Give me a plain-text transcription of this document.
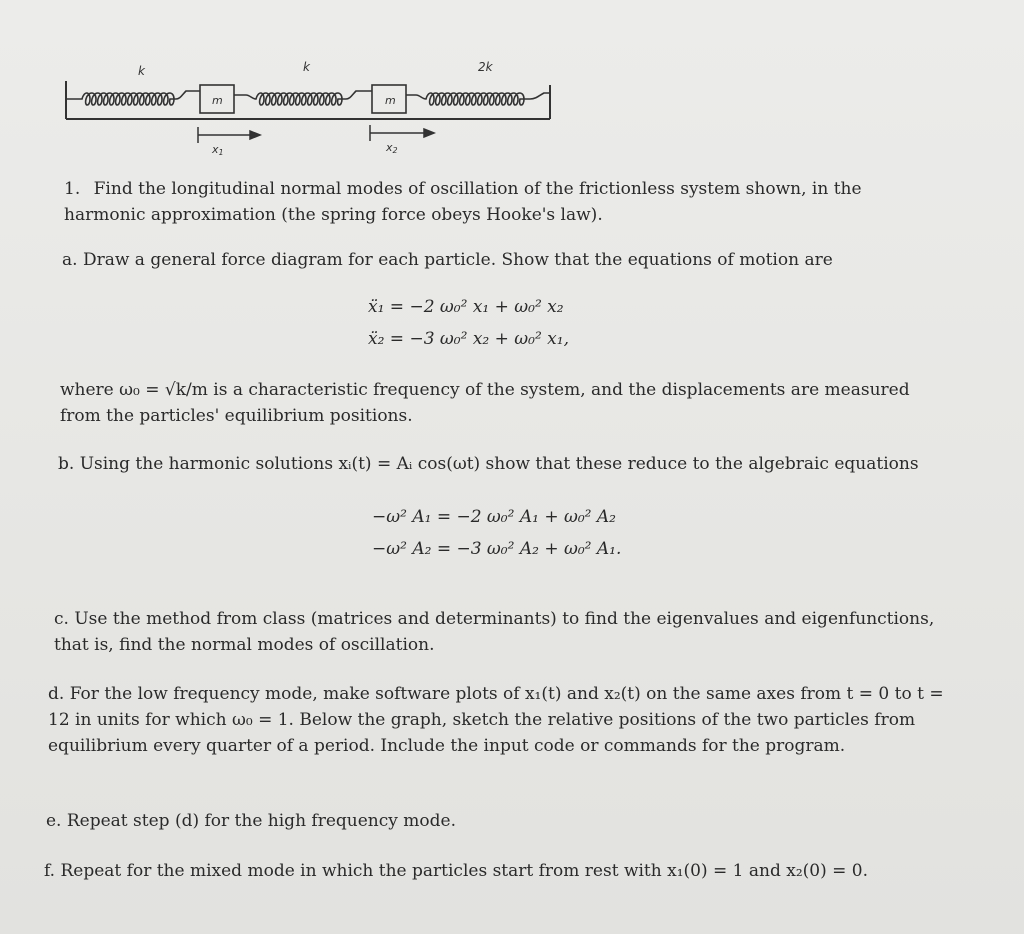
k
m
k
m
2k
x1	x2
1. Find the longitudinal normal modes of oscillation of the frictionless system shown, in the harmonic approximation (the spring force obeys Hooke's law).
a. Draw a general force diagram for each particle. Show that the equations of motion are
ẍ₁ = −2 ω₀² x₁ + ω₀² x₂
ẍ₂ = −3 ω₀² x₂ + ω₀² x₁,
where ω₀ = √k/m is a characteristic frequency of the system, and the displacements are measured from the particles' equilibrium positions.
b. Using the harmonic solutions xᵢ(t) = Aᵢ cos(ωt) show that these reduce to the algebraic equations
−ω² A₁ = −2 ω₀² A₁ + ω₀² A₂
−ω² A₂ = −3 ω₀² A₂ + ω₀² A₁.
c. Use the method from class (matrices and determinants) to find the eigenvalues and eigenfunctions, that is, find the normal modes of oscillation.
d. For the low frequency mode, make software plots of x₁(t) and x₂(t) on the same axes from t = 0 to t = 12 in units for which ω₀ = 1. Below the graph, sketch the relative positions of the two particles from equilibrium every quarter of a period. Include the input code or commands for the program.
e. Repeat step (d) for the high frequency mode.
f. Repeat for the mixed mode in which the particles start from rest with x₁(0) = 1 and x₂(0) = 0.
